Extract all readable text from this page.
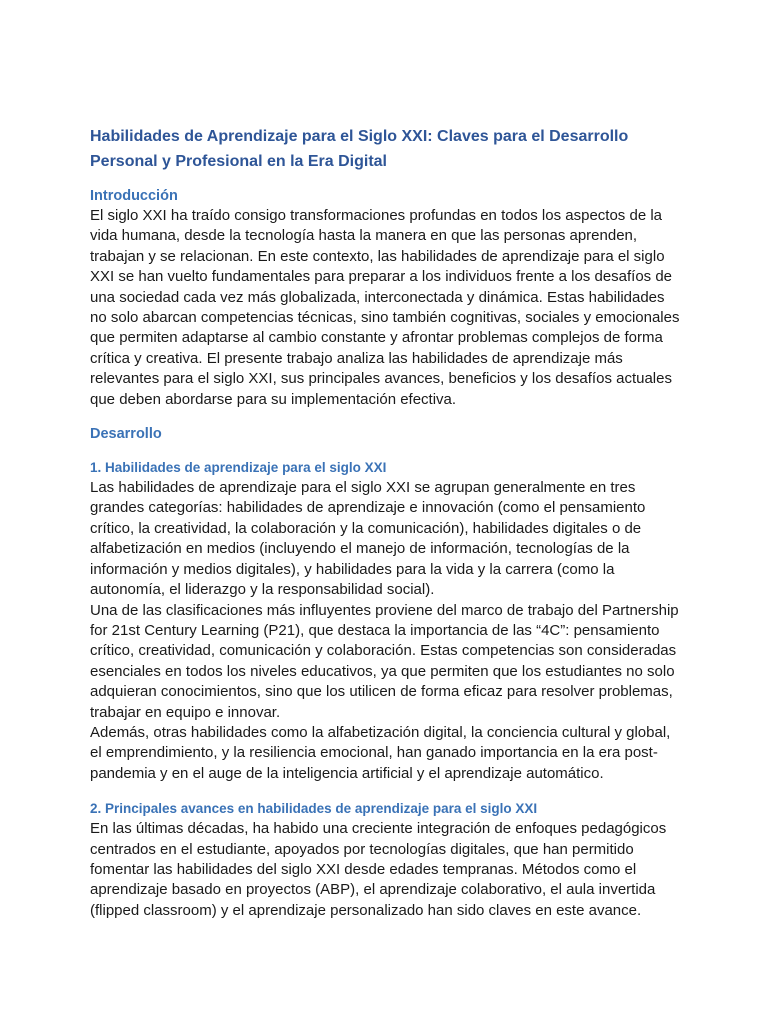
Habilidades de Aprendizaje para el Siglo XXI: Claves para el Desarrollo Personal y Profesional en la Era Digital
Introducción

El siglo XXI ha traído consigo transformaciones profundas en todos los aspectos de la vida humana, desde la tecnología hasta la manera en que las personas aprenden, trabajan y se relacionan. En este contexto, las habilidades de aprendizaje para el siglo XXI se han vuelto fundamentales para preparar a los individuos frente a los desafíos de una sociedad cada vez más globalizada, interconectada y dinámica. Estas habilidades no solo abarcan competencias técnicas, sino también cognitivas, sociales y emocionales que permiten adaptarse al cambio constante y afrontar problemas complejos de forma crítica y creativa. El presente trabajo analiza las habilidades de aprendizaje más relevantes para el siglo XXI, sus principales avances, beneficios y los desafíos actuales que deben abordarse para su implementación efectiva.

Desarrollo
1. Habilidades de aprendizaje para el siglo XXI

Las habilidades de aprendizaje para el siglo XXI se agrupan generalmente en tres grandes categorías: habilidades de aprendizaje e innovación (como el pensamiento crítico, la creatividad, la colaboración y la comunicación), habilidades digitales o de alfabetización en medios (incluyendo el manejo de información, tecnologías de la información y medios digitales), y habilidades para la vida y la carrera (como la autonomía, el liderazgo y la responsabilidad social).

Una de las clasificaciones más influyentes proviene del marco de trabajo del Partnership for 21st Century Learning (P21), que destaca la importancia de las “4C”: pensamiento crítico, creatividad, comunicación y colaboración. Estas competencias son consideradas esenciales en todos los niveles educativos, ya que permiten que los estudiantes no solo adquieran conocimientos, sino que los utilicen de forma eficaz para resolver problemas, trabajar en equipo e innovar.

Además, otras habilidades como la alfabetización digital, la conciencia cultural y global, el emprendimiento, y la resiliencia emocional, han ganado importancia en la era post-pandemia y en el auge de la inteligencia artificial y el aprendizaje automático.

2. Principales avances en habilidades de aprendizaje para el siglo XXI

En las últimas décadas, ha habido una creciente integración de enfoques pedagógicos centrados en el estudiante, apoyados por tecnologías digitales, que han permitido fomentar las habilidades del siglo XXI desde edades tempranas. Métodos como el aprendizaje basado en proyectos (ABP), el aprendizaje colaborativo, el aula invertida (flipped classroom) y el aprendizaje personalizado han sido claves en este avance.
